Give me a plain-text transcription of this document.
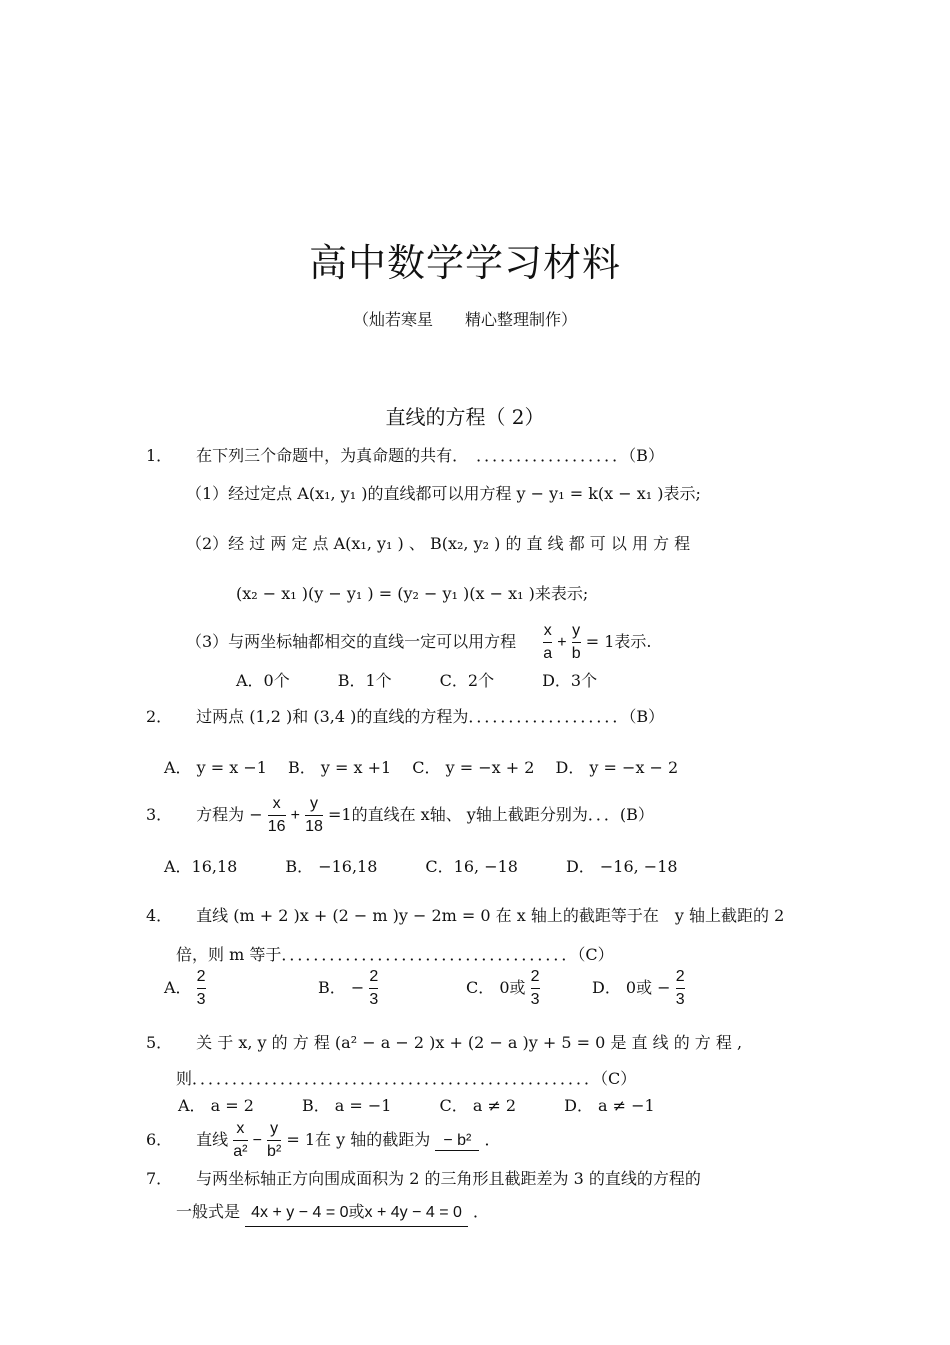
高中数学学习材料
（灿若寒星　　精心整理制作）
直线的方程（ 2）
1．　　在下列三个命题中，为真命题的共有．　．．．．．．．．．．．．．．．．．．（B）
（1）经过定点 A(x₁, y₁ )的直线都可以用方程 y − y₁ = k(x − x₁ )表示;
（2）经 过 两 定 点 A(x₁, y₁ ) 、 B(x₂, y₂ ) 的 直 线 都 可 以 用 方 程
(x₂ − x₁ )(y − y₁ ) = (y₂ − y₁ )(x − x₁ )来表示;
（3）与两坐标轴都相交的直线一定可以用方程 $\frac{x}{a} + \frac{y}{b} = 1$表示.
A．0个　　　B．1个　　　C．2个　　　D．3个
2．　　过两点 (1,2 )和 (3,4 )的直线的方程为．．．．．．．．．．．．．．．．．．．（B）
A． y = x −1　 B． y = x +1　 C． y = −x + 2　 D． y = −x − 2
3．　　方程为 − $\frac{x}{16} + \frac{y}{18} =1$的直线在 x轴、 y轴上截距分别为．．．(B）
A．16,18　　　B． −16,18　　　C．16, −18　　　D． −16, −18
4．　　直线 (m + 2 )x + (2 − m )y − 2m = 0 在 x 轴上的截距等于在　y 轴上截距的 2
倍，则 m 等于．．．．．．．．．．．．．．．．．．．．．．．．．．．．．．．．．．．．（C）
A． $\frac{2}{3}$	B． − $\frac{2}{3}$	C． 0或 $\frac{2}{3}$	D． 0或 − $\frac{2}{3}$
5．　　关 于 x, y 的 方 程 (a² − a − 2 )x + (2 − a )y + 5 = 0 是 直 线 的 方 程 ,
则．．．．．．．．．．．．．．．．．．．．．．．．．．．．．．．．．．．．．．．．．．．．．．．．．．（C）
A． a = 2　　　B． a = −1　　　C． a ≠ 2　　　D． a ≠ −1
6．　　直线 $\frac{x}{\text{a²}} - \frac{y}{\text{b²}} = 1$在 y 轴的截距为 − b² ．
7．　　与两坐标轴正方向围成面积为 2 的三角形且截距差为 3 的直线的方程的
一般式是 4x + y − 4 = 0或x + 4y − 4 = 0 ．
